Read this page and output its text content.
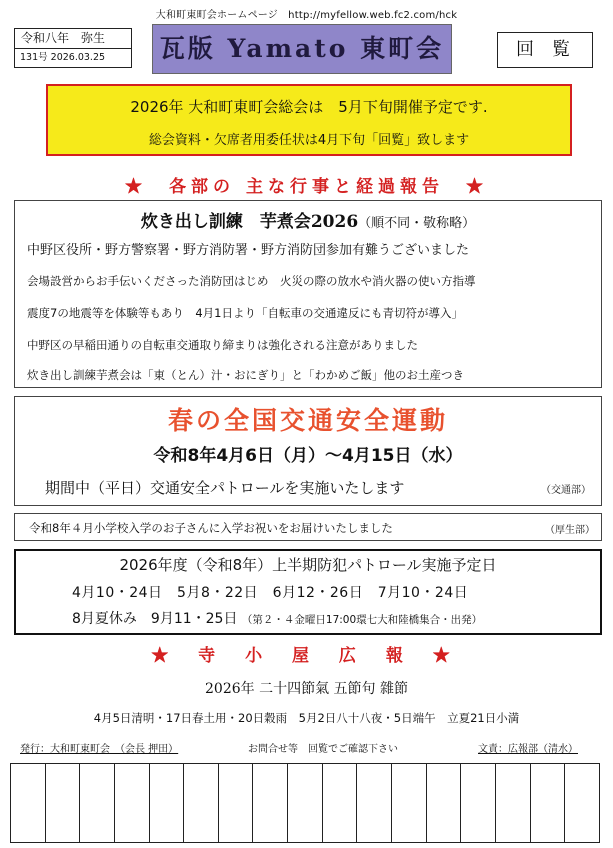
大和町東町会ホームページ　http://myfellow.web.fc2.com/hck
令和八年　弥生
131号 2026.03.25	瓦版 Yamato 東町会	回覧
2026年 大和町東町会総会は　5月下旬開催予定です.
総会資料・欠席者用委任状は4月下旬「回覧」致します
★　各部の 主な行事と経過報告　★
炊き出し訓練　芋煮会2026（順不同・敬称略）
中野区役所・野方警察署・野方消防署・野方消防団参加有難うございました
会場設営からお手伝いくださった消防団はじめ　火災の際の放水や消火器の使い方指導
震度7の地震等を体験等もあり　4月1日より「自転車の交通違反にも青切符が導入」
中野区の早稲田通りの自転車交通取り締まりは強化される注意がありました
炊き出し訓練芋煮会は「東（とん）汁・おにぎり」と「わかめご飯」他のお土産つき
春の全国交通安全運動
令和8年4月6日（月）～4月15日（水）
期間中（平日）交通安全パトロールを実施いたします	（交通部）
令和8年４月小学校入学のお子さんに入学お祝いをお届けいたしました	（厚生部）
2026年度（令和8年）上半期防犯パトロール実施予定日
4月10・24日　5月8・22日　6月12・26日　7月10・24日
8月夏休み　9月11・25日 （第２・４金曜日17:00環七大和陸橋集合・出発）
★ 寺 小 屋 広 報 ★
2026年 二十四節氣 五節句 雜節
4月5日清明・17日春土用・20日穀雨　5月2日八十八夜・5日端午　立夏21日小満
発行：大和町東町会　（会長 押田）	お問合せ等　回覧でご確認下さい	文責：広報部（清水）
